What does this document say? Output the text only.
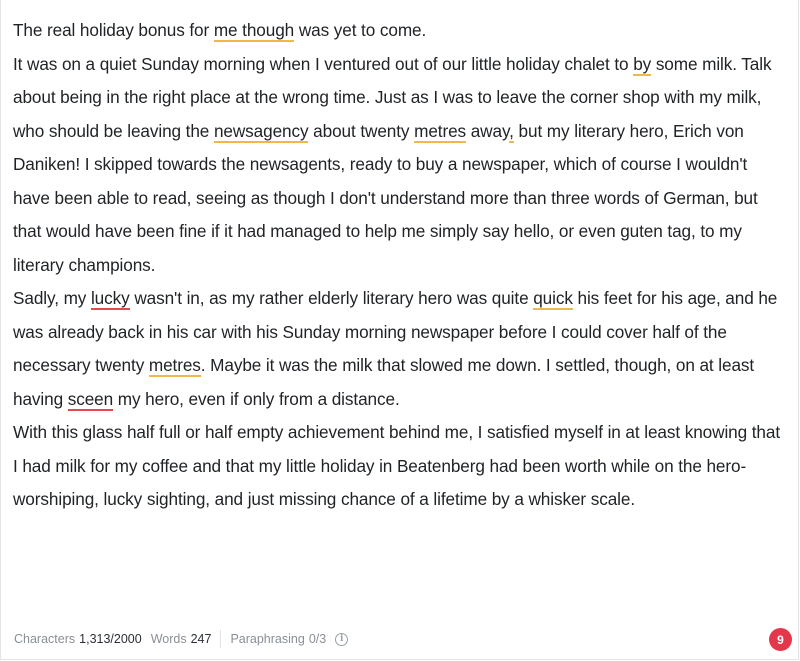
The real holiday bonus for me though was yet to come.

It was on a quiet Sunday morning when I ventured out of our little holiday chalet to by some milk. Talk about being in the right place at the wrong time. Just as I was to leave the corner shop with my milk, who should be leaving the newsagency about twenty metres away, but my literary hero, Erich von Daniken! I skipped towards the newsagents, ready to buy a newspaper, which of course I wouldn't have been able to read, seeing as though I don't understand more than three words of German, but that would have been fine if it had managed to help me simply say hello, or even guten tag, to my literary champions.

Sadly, my lucky wasn't in, as my rather elderly literary hero was quite quick his feet for his age, and he was already back in his car with his Sunday morning newspaper before I could cover half of the necessary twenty metres. Maybe it was the milk that slowed me down. I settled, though, on at least having sceen my hero, even if only from a distance.

With this glass half full or half empty achievement behind me, I satisfied myself in at least knowing that I had milk for my coffee and that my little holiday in Beatenberg had been worth while on the hero-worshiping, lucky sighting, and just missing chance of a lifetime by a whisker scale.

Characters 1,313/2000 Words 247 Paraphrasing 0/3	i	9
